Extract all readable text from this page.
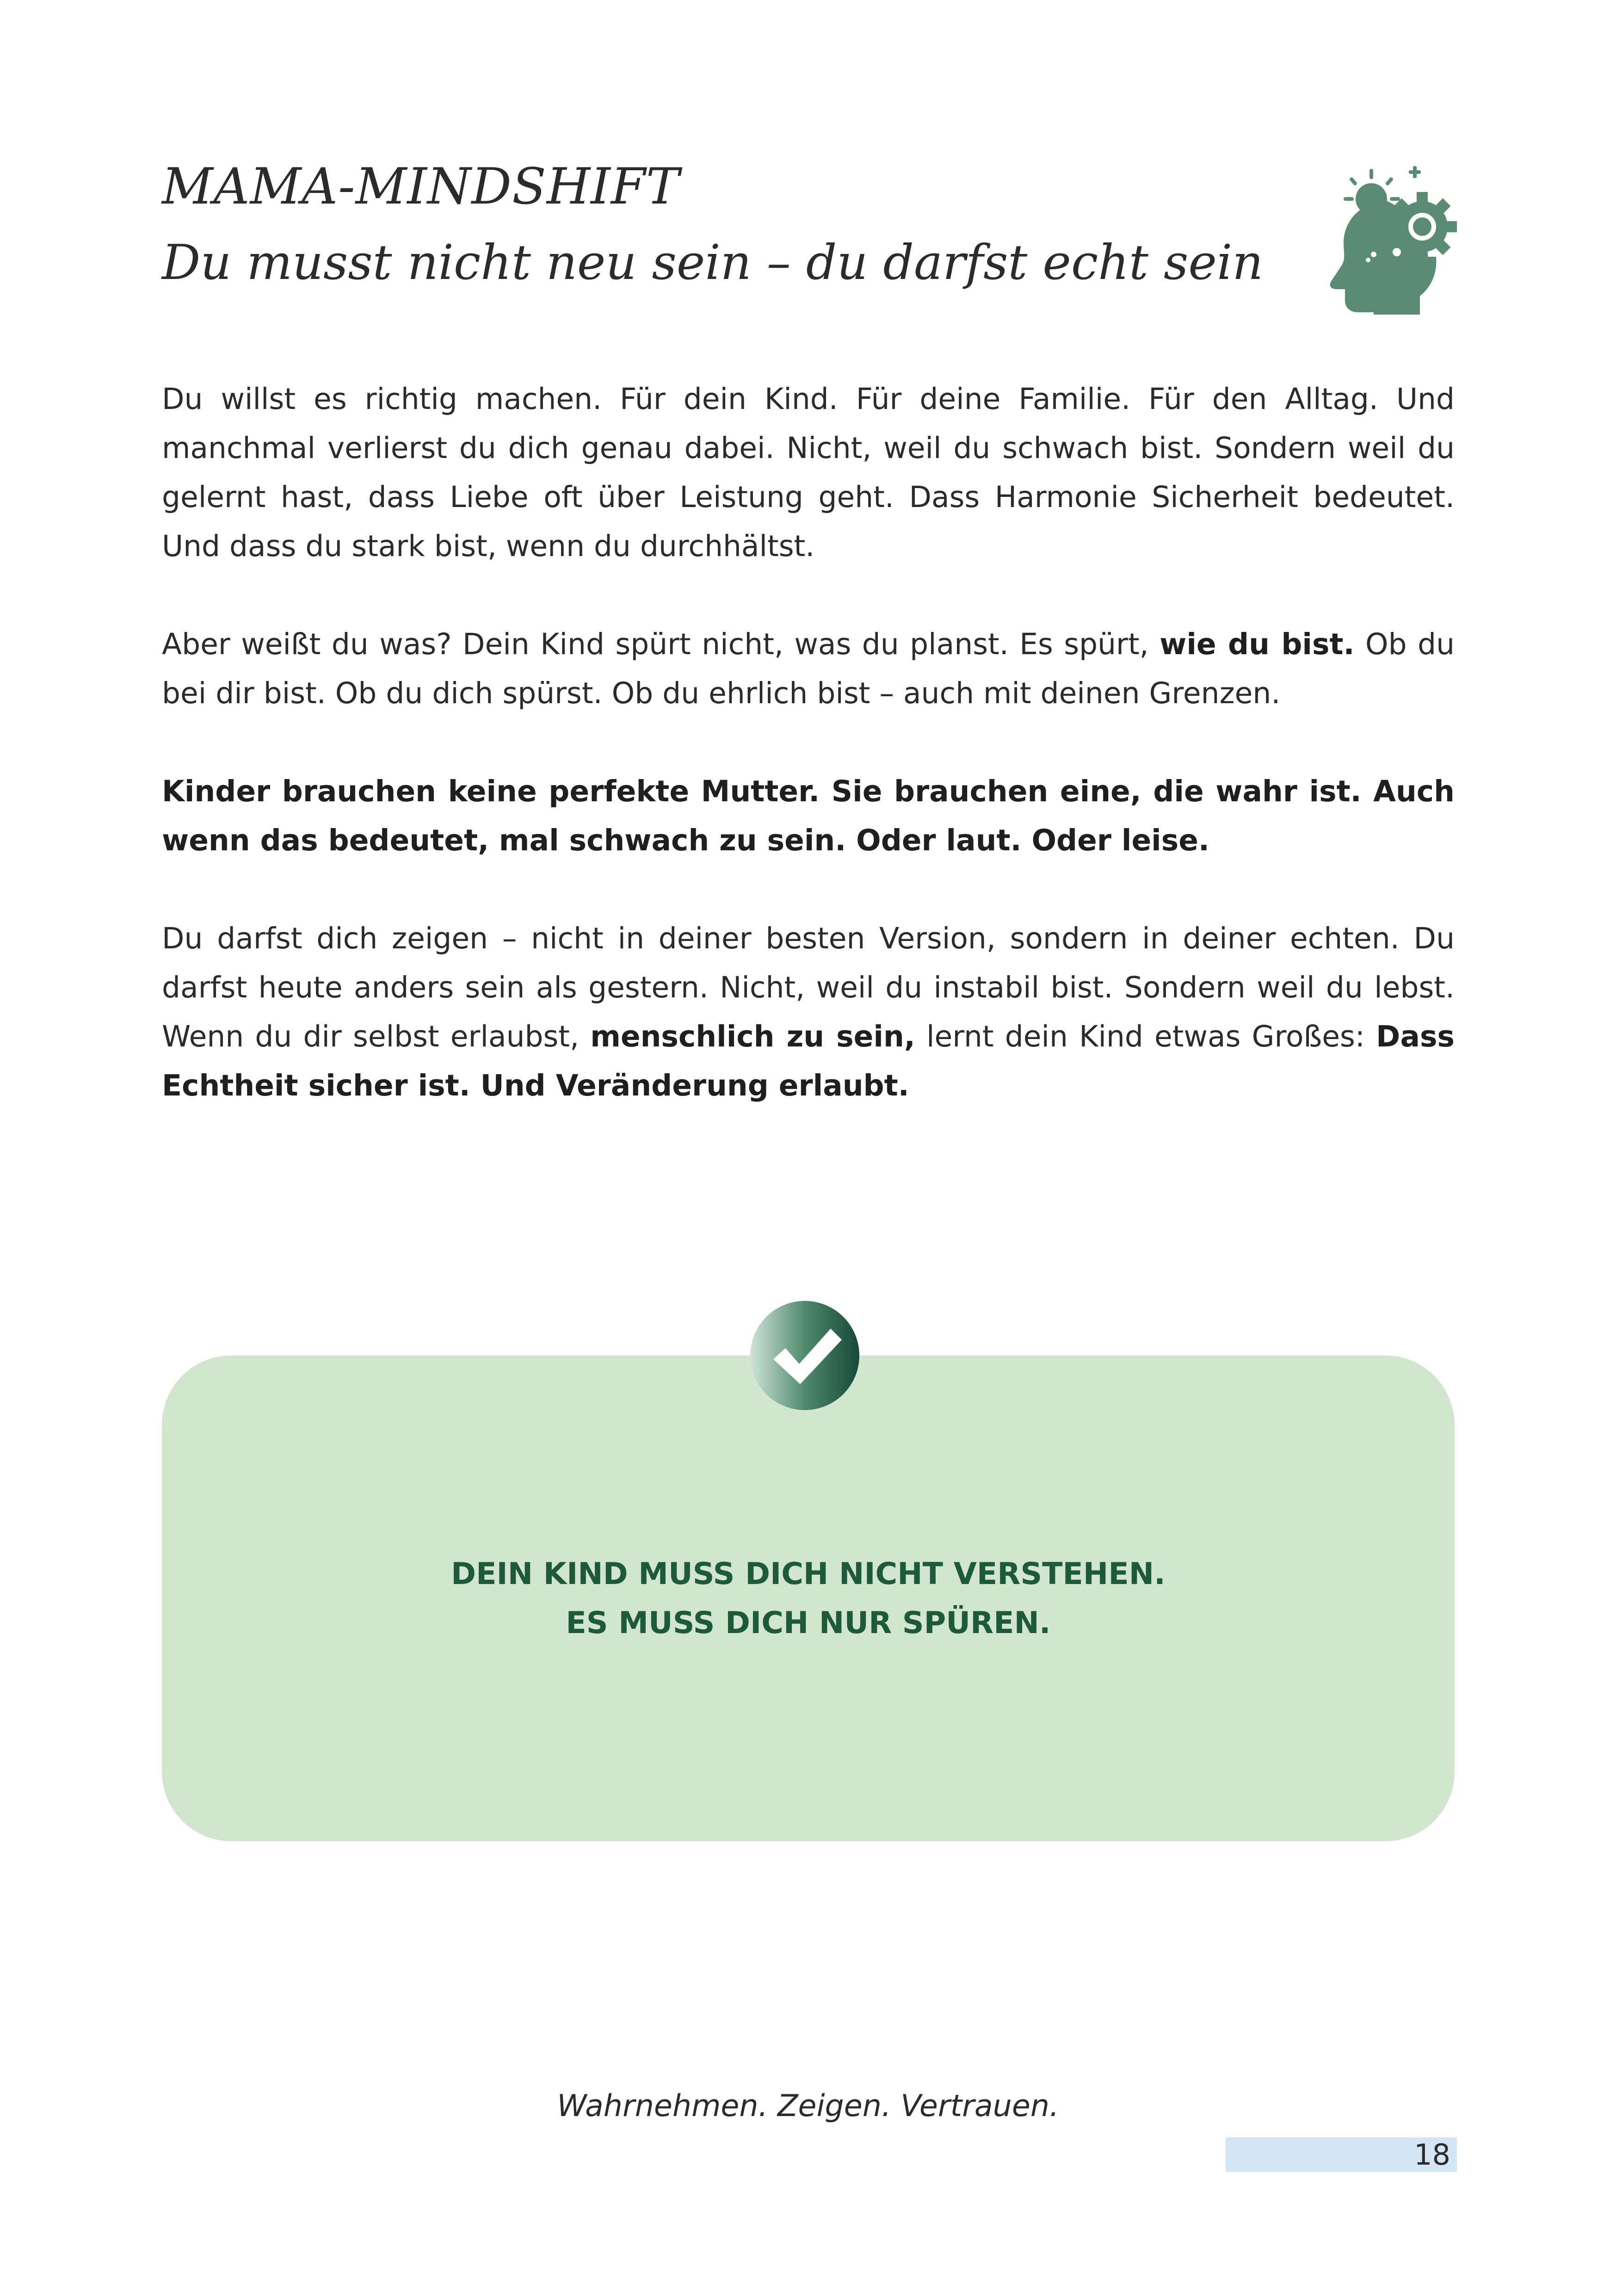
MAMA-MINDSHIFT
Du musst nicht neu sein – du darfst echt sein

Du willst es richtig machen. Für dein Kind. Für deine Familie. Für den Alltag. Und manchmal verlierst du dich genau dabei. Nicht, weil du schwach bist. Sondern weil du gelernt hast, dass Liebe oft über Leistung geht. Dass Harmonie Sicherheit bedeutet. Und dass du stark bist, wenn du durchhältst.

Aber weißt du was? Dein Kind spürt nicht, was du planst. Es spürt, wie du bist. Ob du bei dir bist. Ob du dich spürst. Ob du ehrlich bist – auch mit deinen Grenzen.

Kinder brauchen keine perfekte Mutter. Sie brauchen eine, die wahr ist. Auch wenn das bedeutet, mal schwach zu sein. Oder laut. Oder leise.

Du darfst dich zeigen – nicht in deiner besten Version, sondern in deiner echten. Du darfst heute anders sein als gestern. Nicht, weil du instabil bist. Sondern weil du lebst. Wenn du dir selbst erlaubst, menschlich zu sein, lernt dein Kind etwas Großes: Dass Echtheit sicher ist. Und Veränderung erlaubt.

DEIN KIND MUSS DICH NICHT VERSTEHEN.
ES MUSS DICH NUR SPÜREN.
Wahrnehmen. Zeigen. Vertrauen.
18
